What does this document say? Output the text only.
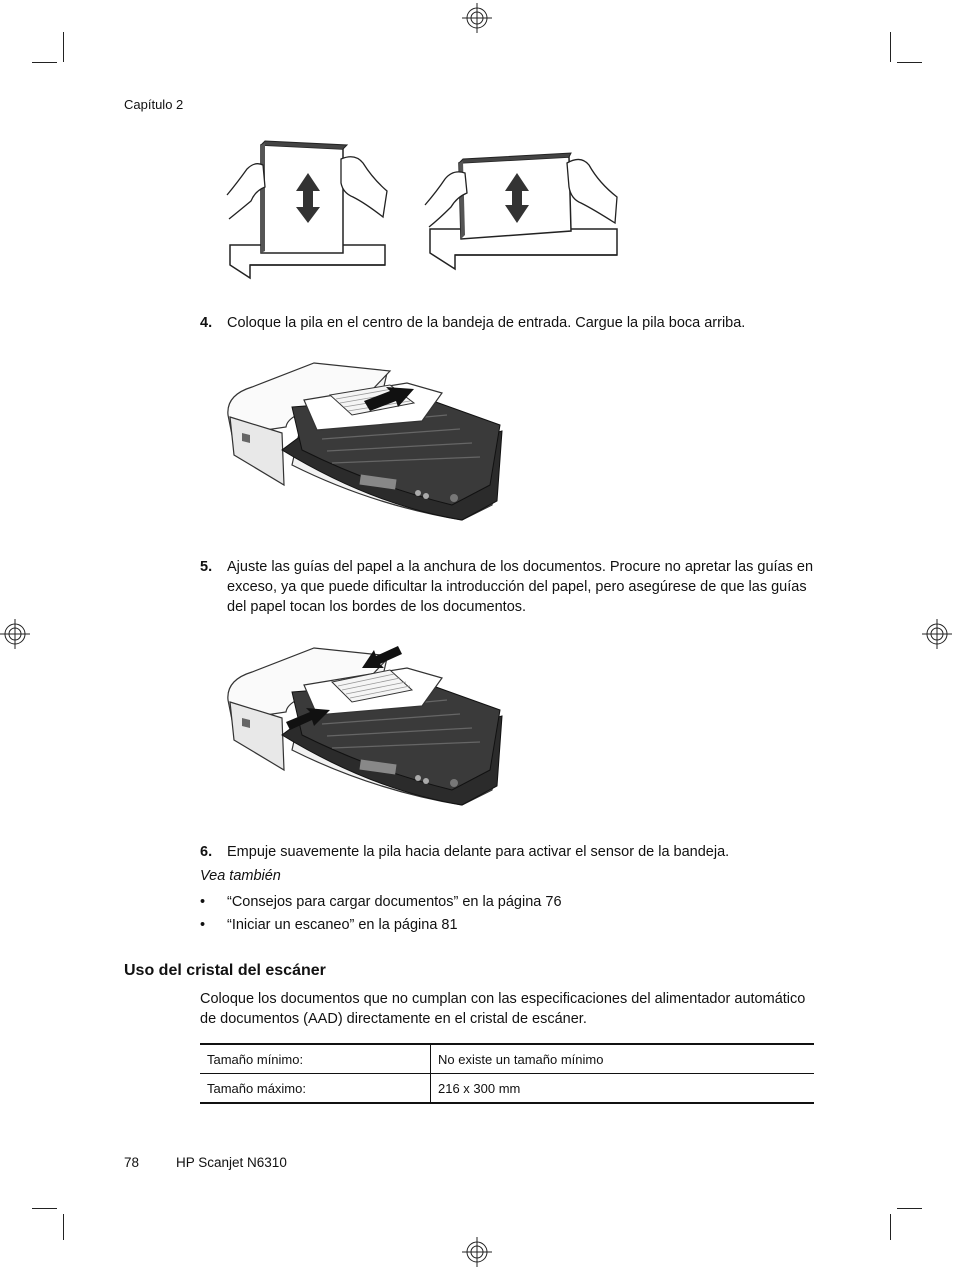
Capítulo 2
4. Coloque la pila en el centro de la bandeja de entrada. Cargue la pila boca arriba.
5. Ajuste las guías del papel a la anchura de los documentos. Procure no apretar las guías en exceso, ya que puede dificultar la introducción del papel, pero asegúrese de que las guías del papel tocan los bordes de los documentos.
6. Empuje suavemente la pila hacia delante para activar el sensor de la bandeja.
Vea también
• “Consejos para cargar documentos” en la página 76
• “Iniciar un escaneo” en la página 81
Uso del cristal del escáner
Coloque los documentos que no cumplan con las especificaciones del alimentador automático de documentos (AAD) directamente en el cristal de escáner.
Tamaño mínimo:	No existe un tamaño mínimo
Tamaño máximo:	216 x 300 mm
78	HP Scanjet N6310
